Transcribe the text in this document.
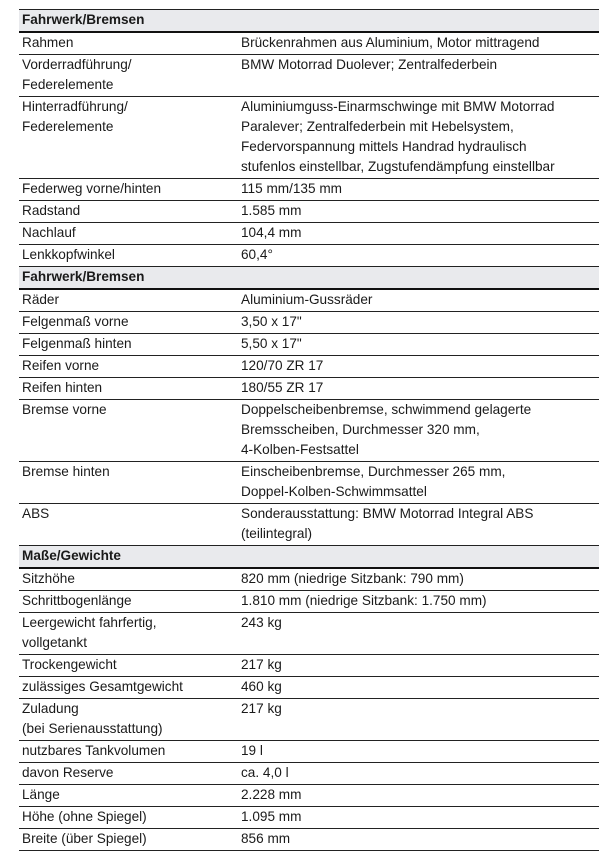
Fahrwerk/Bremsen	

Rahmen	Brückenrahmen aus Aluminium, Motor mittragend

Vorderradführung/
Federelemente	BMW Motorrad Duolever; Zentralfederbein

Hinterradführung/
Federelemente	Aluminiumguss-Einarmschwinge mit BMW Motorrad
Paralever; Zentralfederbein mit Hebelsystem,
Federvorspannung mittels Handrad hydraulisch
stufenlos einstellbar, Zugstufendämpfung einstellbar

Federweg vorne/hinten	115 mm/135 mm

Radstand	1.585 mm

Nachlauf	104,4 mm

Lenkkopfwinkel	60,4°

Fahrwerk/Bremsen	

Räder	Aluminium-Gussräder

Felgenmaß vorne	3,50 x 17"

Felgenmaß hinten	5,50 x 17"

Reifen vorne	120/70 ZR 17

Reifen hinten	180/55 ZR 17

Bremse vorne	Doppelscheibenbremse, schwimmend gelagerte
Bremsscheiben, Durchmesser 320 mm,
4-Kolben-Festsattel

Bremse hinten	Einscheibenbremse, Durchmesser 265 mm,
Doppel-Kolben-Schwimmsattel

ABS	Sonderausstattung: BMW Motorrad Integral ABS
(teilintegral)

Maße/Gewichte	

Sitzhöhe	820 mm (niedrige Sitzbank: 790 mm)

Schrittbogenlänge	1.810 mm (niedrige Sitzbank: 1.750 mm)

Leergewicht fahrfertig,
vollgetankt	243 kg

Trockengewicht	217 kg

zulässiges Gesamtgewicht	460 kg

Zuladung
(bei Serienausstattung)	217 kg

nutzbares Tankvolumen	19 l

davon Reserve	ca. 4,0 l

Länge	2.228 mm

Höhe (ohne Spiegel)	1.095 mm

Breite (über Spiegel)	856 mm
